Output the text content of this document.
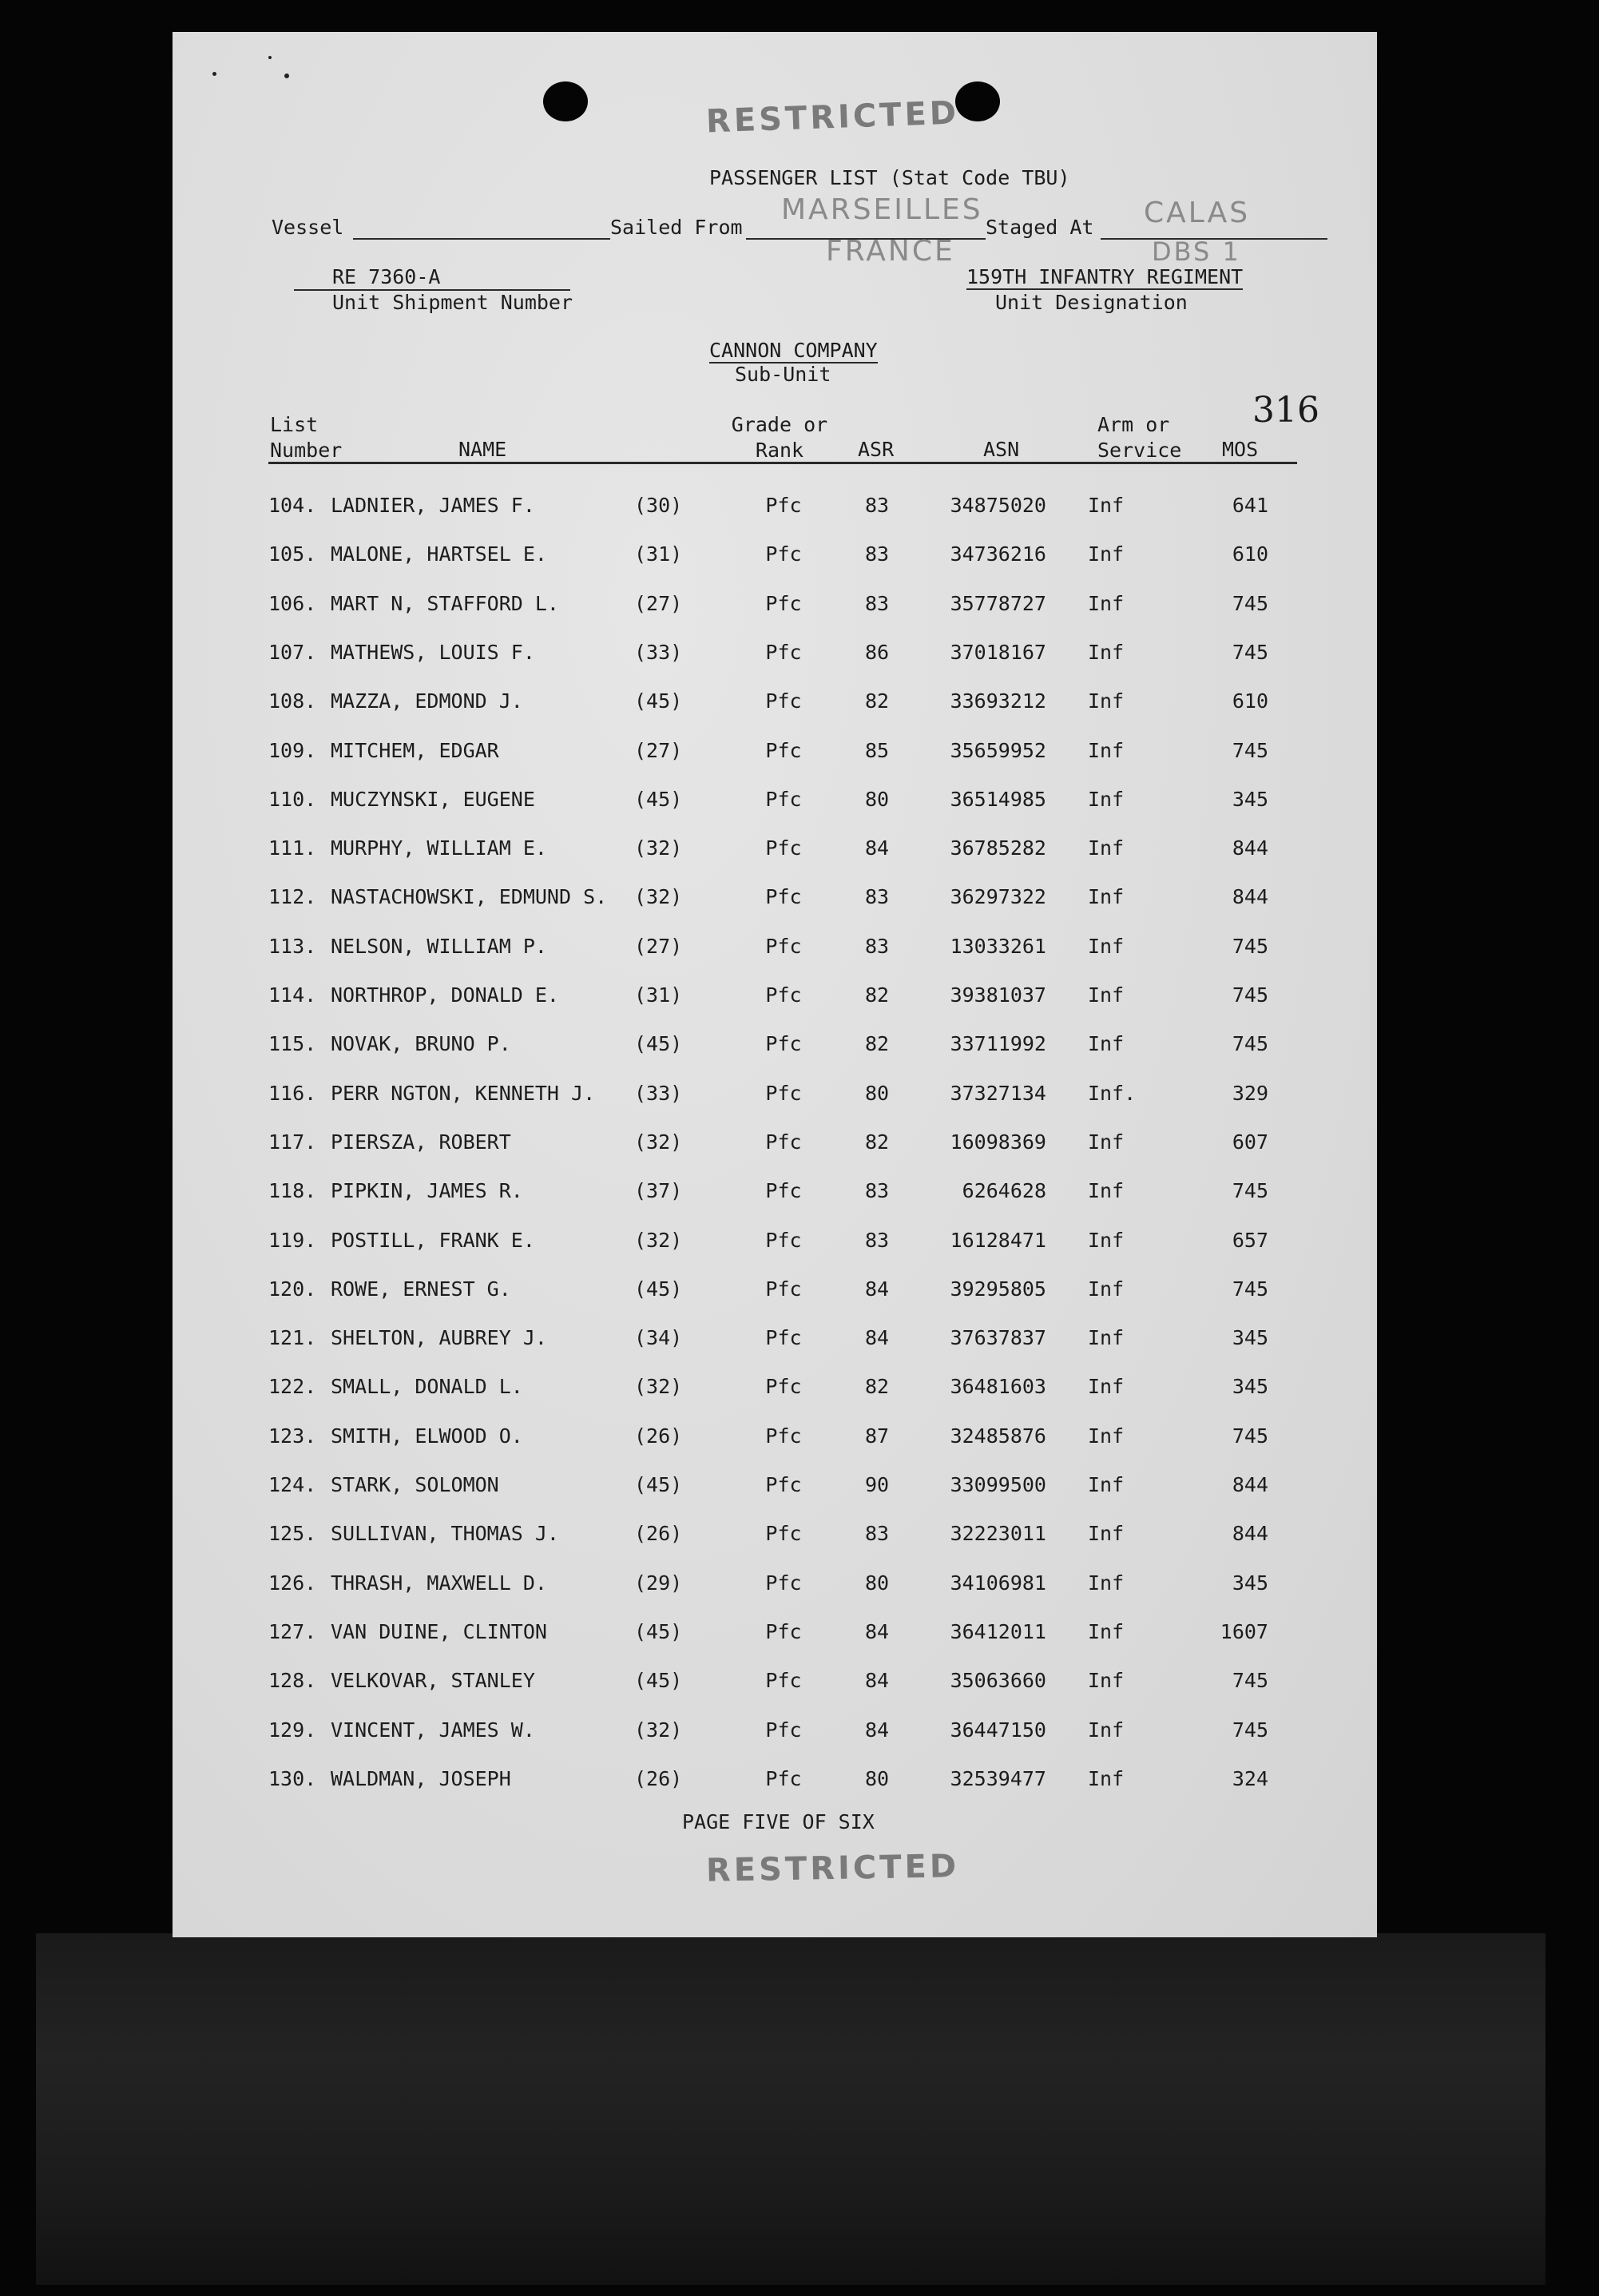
RESTRICTED
PASSENGER LIST (Stat Code TBU)
Vessel	Sailed From
MARSEILLES
FRANCE
Staged At CALAS
DBS 1
RE 7360-A
Unit Shipment Number
159TH INFANTRY REGIMENT
Unit Designation
CANNON COMPANY
Sub-Unit
316
List
Number	NAME
Grade or
Rank	ASR	ASN
Arm or
Service MOS
104. LADNIER, JAMES F.	(30)	Pfc	83	34875020 Inf	641
105. MALONE, HARTSEL E.	(31)	Pfc	83	34736216 Inf	610
106. MART N, STAFFORD L.	(27)	Pfc	83	35778727 Inf	745
107. MATHEWS, LOUIS F.	(33)	Pfc	86	37018167 Inf	745
108. MAZZA, EDMOND J.	(45)	Pfc	82	33693212 Inf	610
109. MITCHEM, EDGAR	(27)	Pfc	85	35659952 Inf	745
110. MUCZYNSKI, EUGENE	(45)	Pfc	80	36514985 Inf	345
111. MURPHY, WILLIAM E.	(32)	Pfc	84	36785282 Inf	844
112. NASTACHOWSKI, EDMUND S. (32)	Pfc	83	36297322 Inf	844
113. NELSON, WILLIAM P.	(27)	Pfc	83	13033261 Inf	745
114. NORTHROP, DONALD E.	(31)	Pfc	82	39381037 Inf	745
115. NOVAK, BRUNO P.	(45)	Pfc	82	33711992 Inf	745
116. PERR NGTON, KENNETH J. (33)	Pfc	80	37327134 Inf.	329
117. PIERSZA, ROBERT	(32)	Pfc	82	16098369 Inf	607
118. PIPKIN, JAMES R.	(37)	Pfc	83	6264628 Inf	745
119. POSTILL, FRANK E.	(32)	Pfc	83	16128471 Inf	657
120. ROWE, ERNEST G.	(45)	Pfc	84	39295805 Inf	745
121. SHELTON, AUBREY J.	(34)	Pfc	84	37637837 Inf	345
122. SMALL, DONALD L.	(32)	Pfc	82	36481603 Inf	345
123. SMITH, ELWOOD O.	(26)	Pfc	87	32485876 Inf	745
124. STARK, SOLOMON	(45)	Pfc	90	33099500 Inf	844
125. SULLIVAN, THOMAS J.	(26)	Pfc	83	32223011 Inf	844
126. THRASH, MAXWELL D.	(29)	Pfc	80	34106981 Inf	345
127. VAN DUINE, CLINTON	(45)	Pfc	84	36412011 Inf	1607
128. VELKOVAR, STANLEY	(45)	Pfc	84	35063660 Inf	745
129. VINCENT, JAMES W.	(32)	Pfc	84	36447150 Inf	745
130. WALDMAN, JOSEPH	(26)	Pfc	80	32539477 Inf	324
PAGE FIVE OF SIX
RESTRICTED
